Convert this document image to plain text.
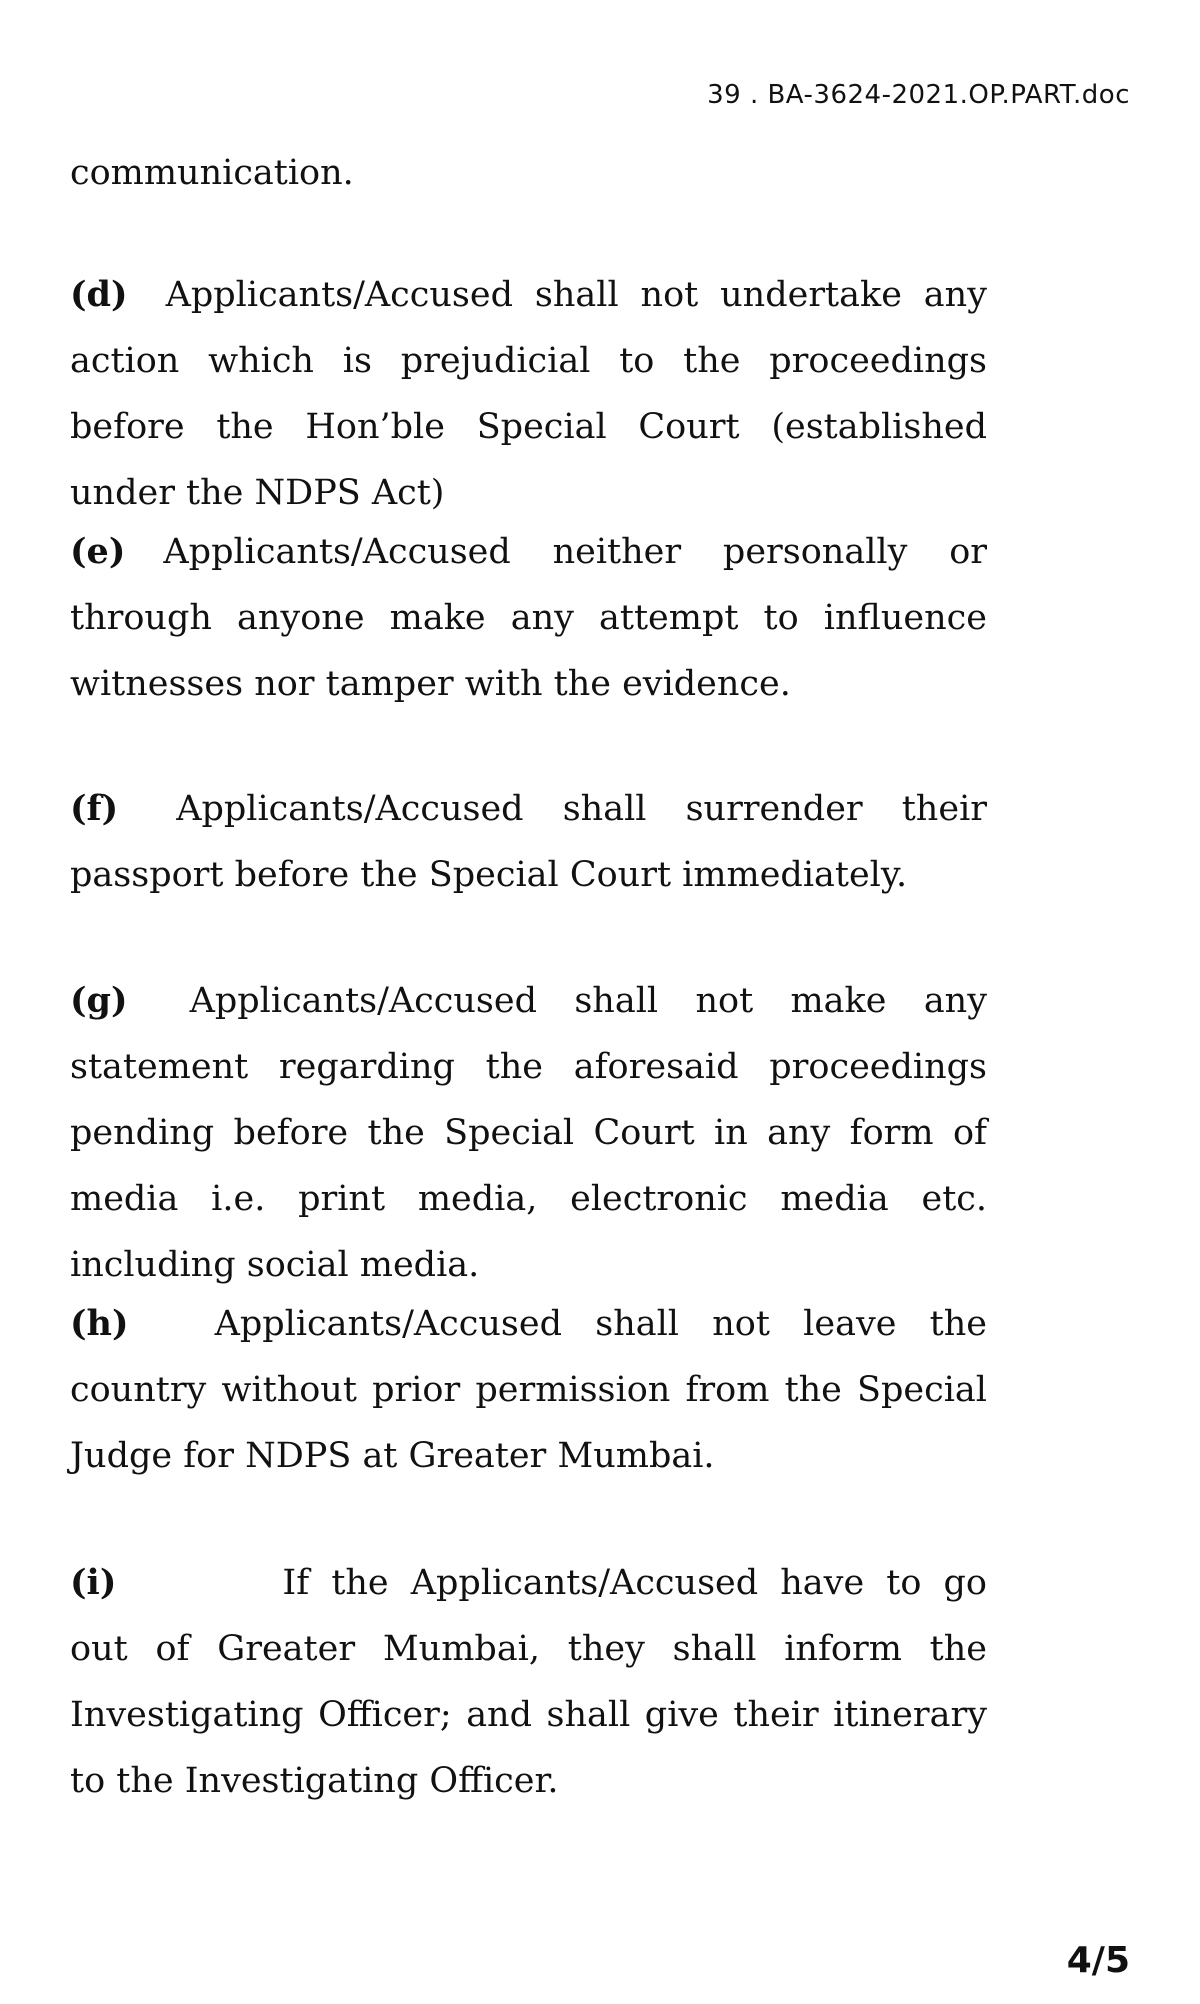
39 . BA-3624-2021.OP.PART.doc
communication.
(d) Applicants/Accused shall not undertake any action which is prejudicial to the proceedings before the Hon’ble Special Court (established under the NDPS Act)
(e) Applicants/Accused neither personally or through anyone make any attempt to influence witnesses nor tamper with the evidence.
(f) Applicants/Accused shall surrender their passport before the Special Court immediately.
(g) Applicants/Accused shall not make any statement regarding the aforesaid proceedings pending before the Special Court in any form of media i.e. print media, electronic media etc. including social media.
(h) Applicants/Accused shall not leave the country without prior permission from the Special Judge for NDPS at Greater Mumbai.
(i)	If the Applicants/Accused have to go out of Greater Mumbai, they shall inform the Investigating Officer; and shall give their itinerary to the Investigating Officer.
4/5
